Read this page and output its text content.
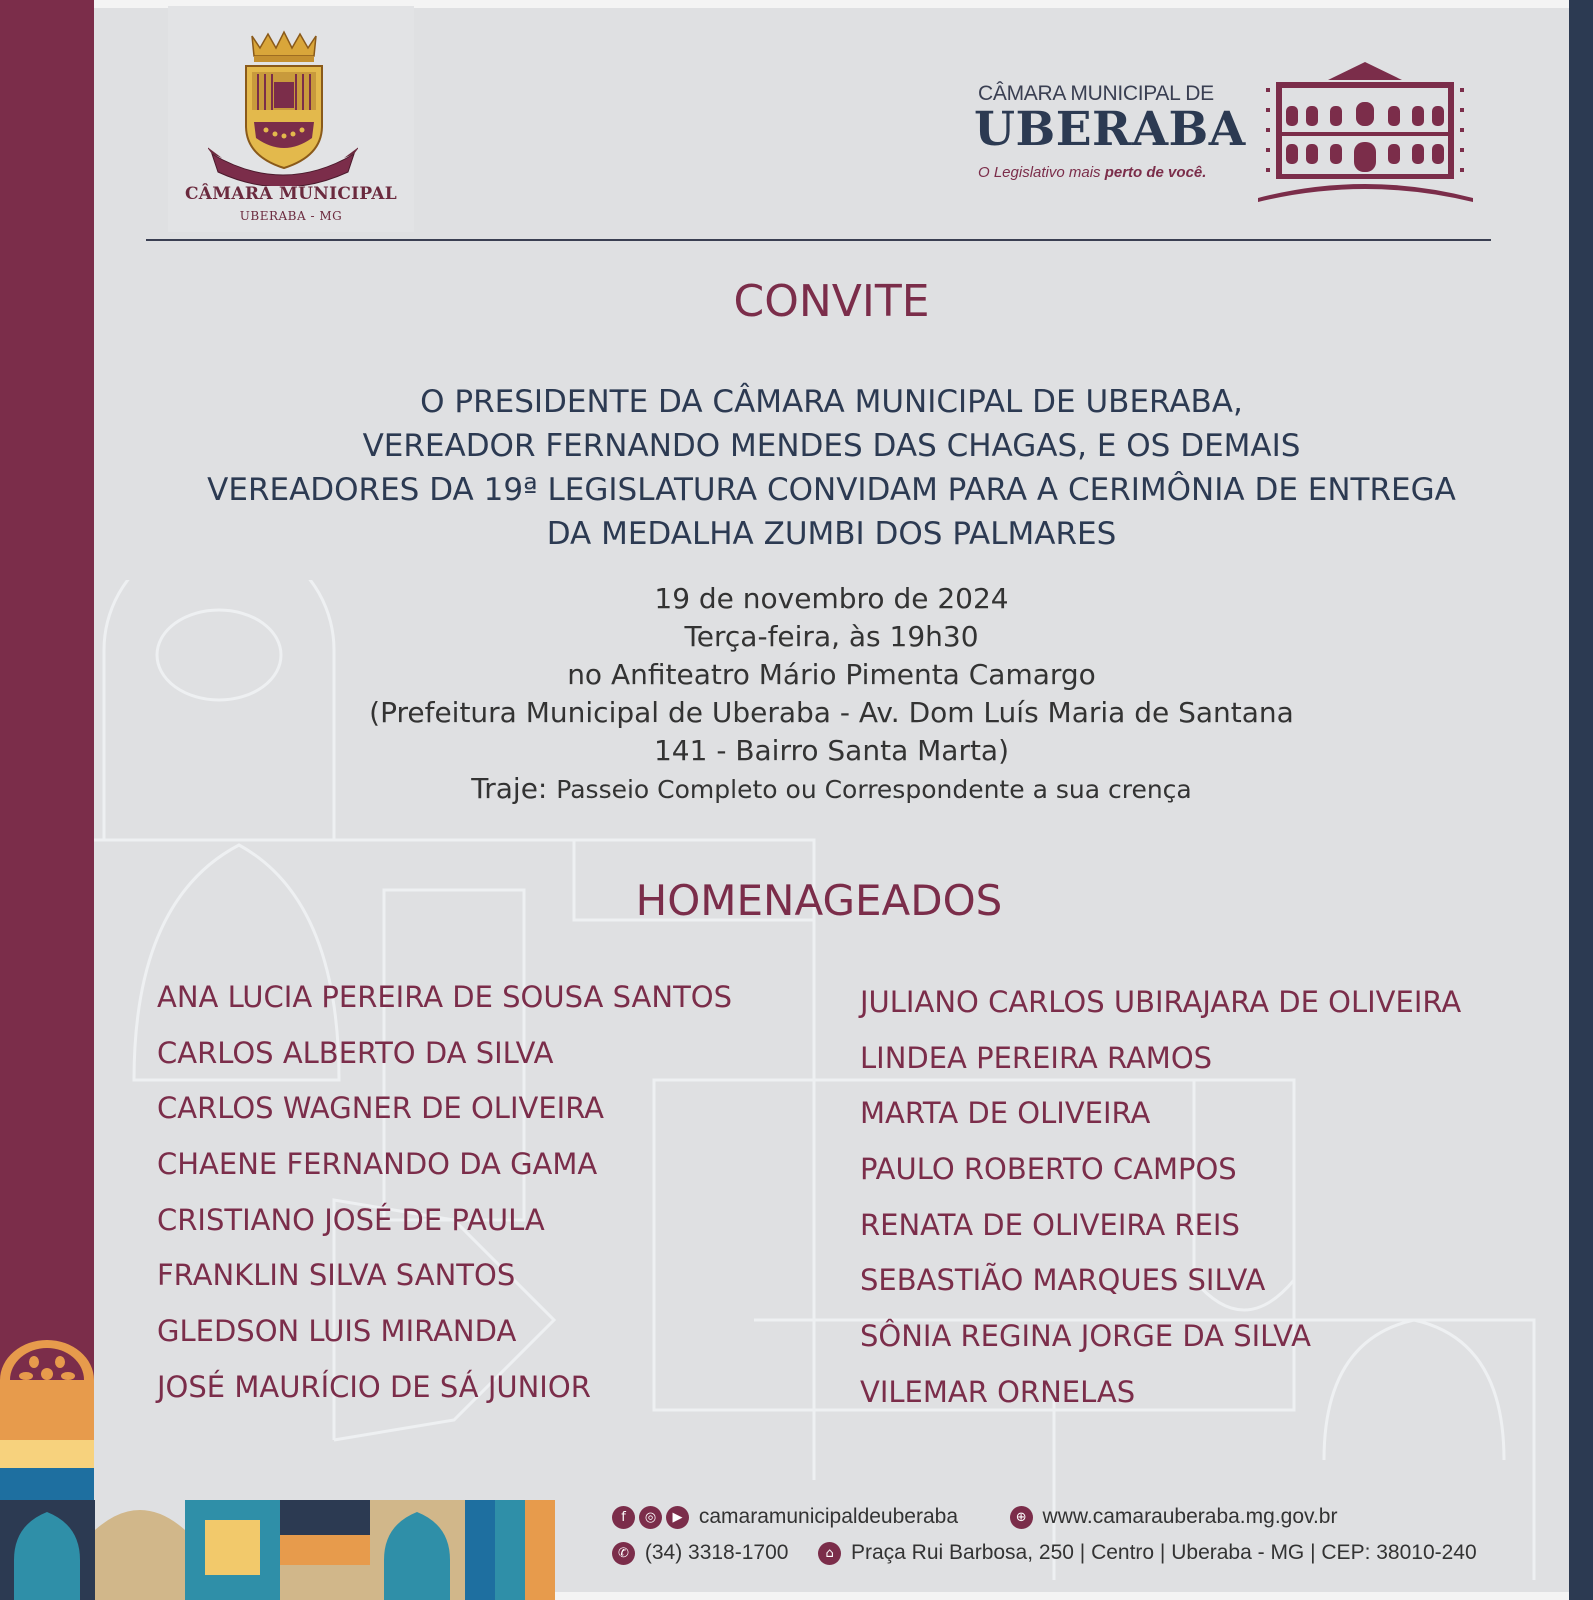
CÂMARA MUNICIPAL
UBERABA - MG
CÂMARA MUNICIPAL DE
UBERABA
O Legislativo mais perto de você.
CONVITE
O PRESIDENTE DA CÂMARA MUNICIPAL DE UBERABA,
VEREADOR FERNANDO MENDES DAS CHAGAS, E OS DEMAIS
VEREADORES DA 19ª LEGISLATURA CONVIDAM PARA A CERIMÔNIA DE ENTREGA
DA MEDALHA ZUMBI DOS PALMARES
19 de novembro de 2024
Terça-feira, às 19h30
no Anfiteatro Mário Pimenta Camargo
(Prefeitura Municipal de Uberaba - Av. Dom Luís Maria de Santana
141 - Bairro Santa Marta)
Traje: Passeio Completo ou Correspondente a sua crença
HOMENAGEADOS
ANA LUCIA PEREIRA DE SOUSA SANTOS
CARLOS ALBERTO DA SILVA
CARLOS WAGNER DE OLIVEIRA
CHAENE FERNANDO DA GAMA
CRISTIANO JOSÉ DE PAULA
FRANKLIN SILVA SANTOS
GLEDSON LUIS MIRANDA
JOSÉ MAURÍCIO DE SÁ JUNIOR
JULIANO CARLOS UBIRAJARA DE OLIVEIRA
LINDEA PEREIRA RAMOS
MARTA DE OLIVEIRA
PAULO ROBERTO CAMPOS
RENATA DE OLIVEIRA REIS
SEBASTIÃO MARQUES SILVA
SÔNIA REGINA JORGE DA SILVA
VILEMAR ORNELAS
f ◎ ▶ camaramunicipaldeuberaba	⊕ www.camarauberaba.mg.gov.br
✆ (34) 3318-1700	⌂ Praça Rui Barbosa, 250 | Centro | Uberaba - MG | CEP: 38010-240
